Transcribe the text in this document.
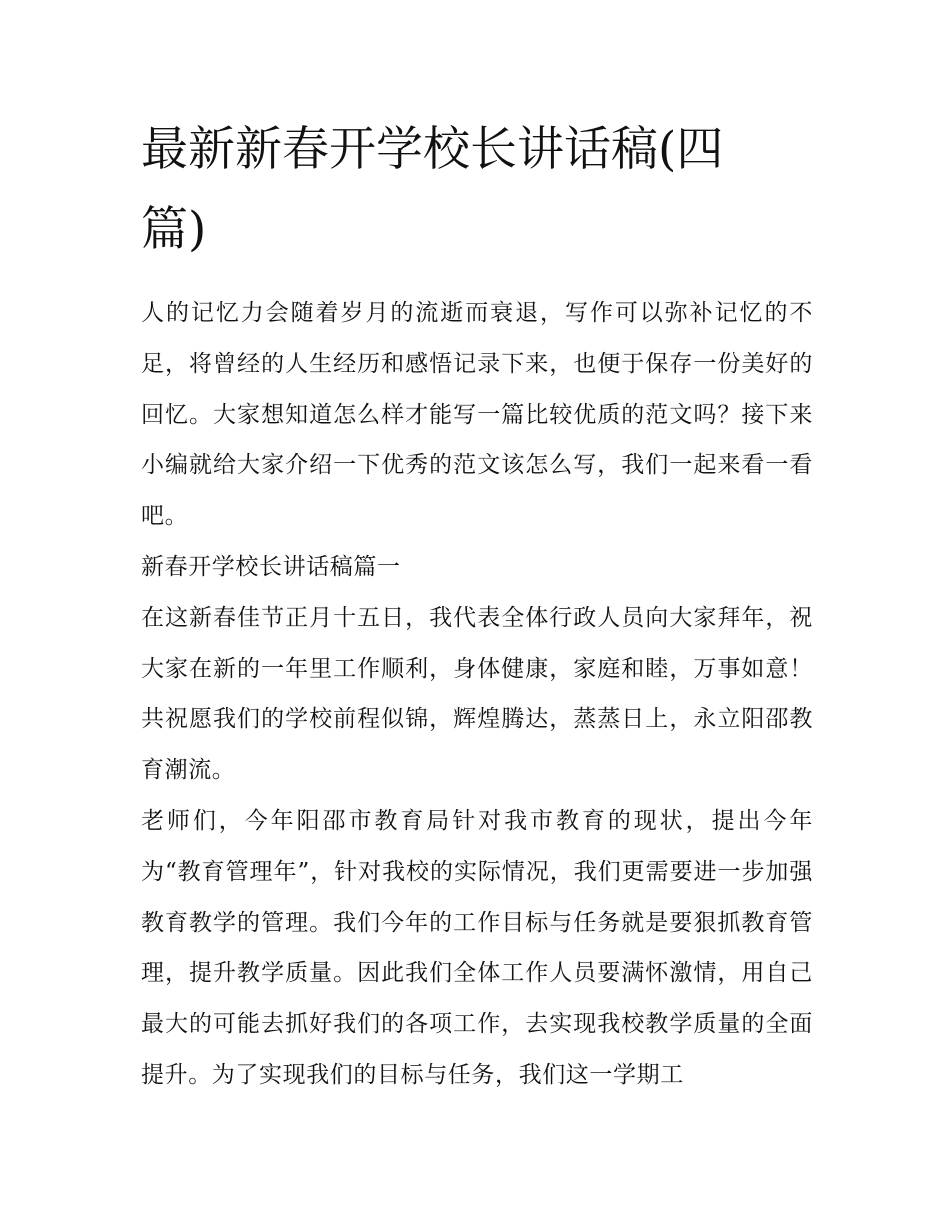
最新新春开学校长讲话稿(四篇)

人的记忆力会随着岁月的流逝而衰退，写作可以弥补记忆的不足，将曾经的人生经历和感悟记录下来，也便于保存一份美好的回忆。大家想知道怎么样才能写一篇比较优质的范文吗？接下来小编就给大家介绍一下优秀的范文该怎么写，我们一起来看一看吧。

新春开学校长讲话稿篇一

在这新春佳节正月十五日，我代表全体行政人员向大家拜年，祝大家在新的一年里工作顺利，身体健康，家庭和睦，万事如意！共祝愿我们的学校前程似锦，辉煌腾达，蒸蒸日上，永立阳邵教育潮流。

老师们，今年阳邵市教育局针对我市教育的现状，提出今年为“教育管理年”，针对我校的实际情况，我们更需要进一步加强教育教学的管理。我们今年的工作目标与任务就是要狠抓教育管理，提升教学质量。因此我们全体工作人员要满怀激情，用自己最大的可能去抓好我们的各项工作，去实现我校教学质量的全面提升。为了实现我们的目标与任务，我们这一学期工
